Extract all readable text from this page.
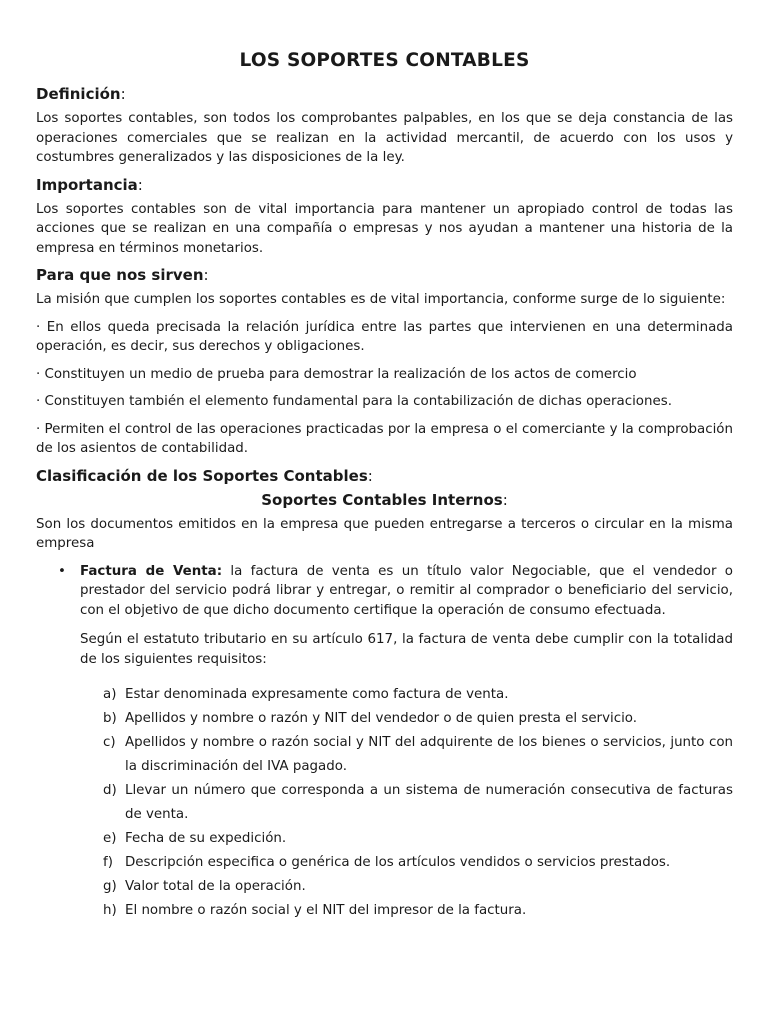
LOS SOPORTES CONTABLES
Definición:

Los soportes contables, son todos los comprobantes palpables, en los que se deja constancia de las operaciones comerciales que se realizan en la actividad mercantil, de acuerdo con los usos y costumbres generalizados y las disposiciones de la ley.

Importancia:

Los soportes contables son de vital importancia para mantener un apropiado control de todas las acciones que se realizan en una compañía o empresas y nos ayudan a mantener una historia de la empresa en términos monetarios.

Para que nos sirven:

La misión que cumplen los soportes contables es de vital importancia, conforme surge de lo siguiente:

· En ellos queda precisada la relación jurídica entre las partes que intervienen en una determinada operación, es decir, sus derechos y obligaciones.

· Constituyen un medio de prueba para demostrar la realización de los actos de comercio

· Constituyen también el elemento fundamental para la contabilización de dichas operaciones.

· Permiten el control de las operaciones practicadas por la empresa o el comerciante y la comprobación de los asientos de contabilidad.

Clasificación de los Soportes Contables:
Soportes Contables Internos:

Son los documentos emitidos en la empresa que pueden entregarse a terceros o circular en la misma empresa

• Factura de Venta: la factura de venta es un título valor Negociable, que el vendedor o prestador del servicio podrá librar y entregar, o remitir al comprador o beneficiario del servicio, con el objetivo de que dicho documento certifique la operación de consumo efectuada.

Según el estatuto tributario en su artículo 617, la factura de venta debe cumplir con la totalidad de los siguientes requisitos:

a) Estar denominada expresamente como factura de venta.
b) Apellidos y nombre o razón y NIT del vendedor o de quien presta el servicio.
c) Apellidos y nombre o razón social y NIT del adquirente de los bienes o servicios, junto con la discriminación del IVA pagado.
d) Llevar un número que corresponda a un sistema de numeración consecutiva de facturas de venta.
e) Fecha de su expedición.
f) Descripción especifica o genérica de los artículos vendidos o servicios prestados.
g) Valor total de la operación.
h) El nombre o razón social y el NIT del impresor de la factura.
